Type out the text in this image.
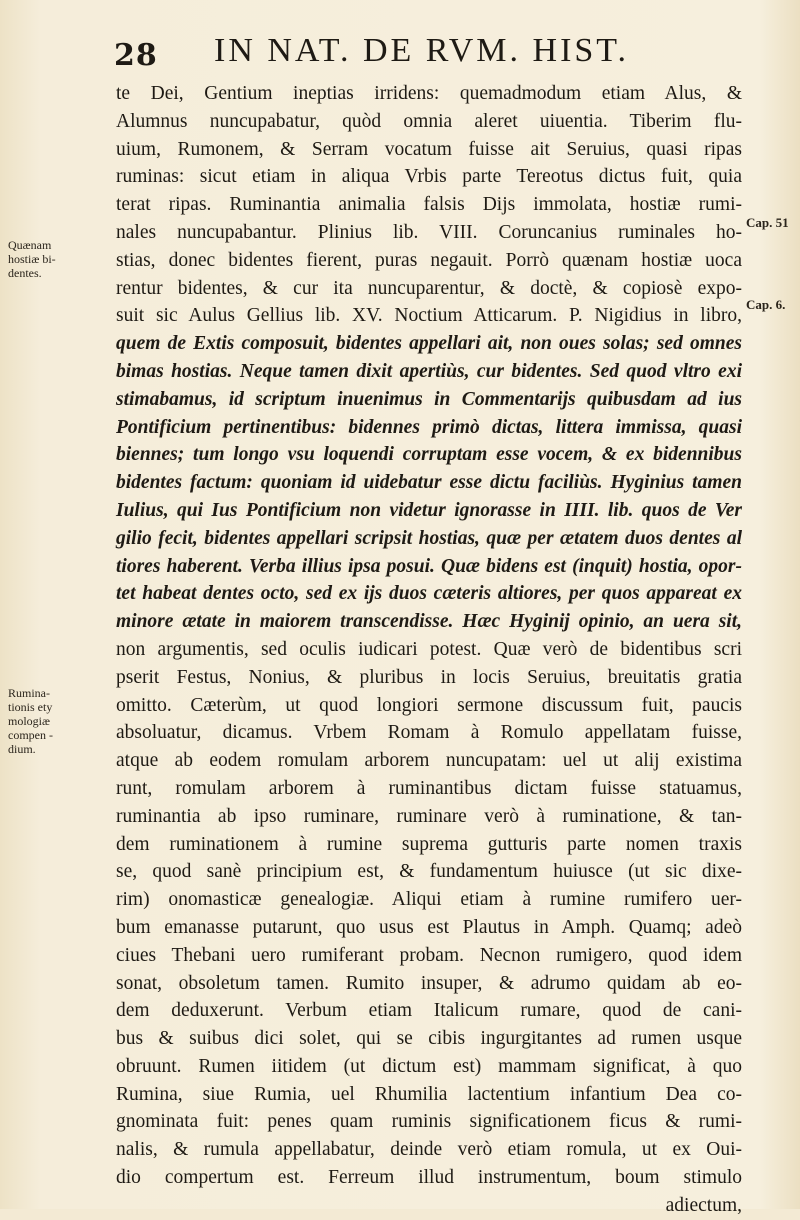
28 IN NAT. DE RVM. HIST.
te Dei, Gentium ineptias irridens: quemadmodum etiam Alus, &
Alumnus nuncupabatur, quòd omnia aleret uiuentia. Tiberim flu-
uium, Rumonem, & Serram vocatum fuisse ait Seruius, quasi ripas
ruminas: sicut etiam in aliqua Vrbis parte Tereotus dictus fuit, quia
terat ripas. Ruminantia animalia falsis Dijs immolata, hostiæ rumi-
nales nuncupabantur. Plinius lib. VIII. Coruncanius ruminales ho-
stias, donec bidentes fierent, puras negauit. Porrò quænam hostiæ uoca
rentur bidentes, & cur ita nuncuparentur, & doctè, & copiosè expo-
suit sic Aulus Gellius lib. XV. Noctium Atticarum. P. Nigidius in libro,
quem de Extis composuit, bidentes appellari ait, non oues solas; sed omnes
bimas hostias. Neque tamen dixit apertiùs, cur bidentes. Sed quod vltro exi
stimabamus, id scriptum inuenimus in Commentarijs quibusdam ad ius
Pontificium pertinentibus: bidennes primò dictas, littera immissa, quasi
biennes; tum longo vsu loquendi corruptam esse vocem, & ex bidennibus
bidentes factum: quoniam id uidebatur esse dictu faciliùs. Hyginius tamen
Iulius, qui Ius Pontificium non videtur ignorasse in IIII. lib. quos de Ver
gilio fecit, bidentes appellari scripsit hostias, quæ per ætatem duos dentes al
tiores haberent. Verba illius ipsa posui. Quæ bidens est (inquit) hostia, opor-
tet habeat dentes octo, sed ex ijs duos cæteris altiores, per quos appareat ex
minore ætate in maiorem transcendisse. Hæc Hyginij opinio, an uera sit,
non argumentis, sed oculis iudicari potest. Quæ verò de bidentibus scri
pserit Festus, Nonius, & pluribus in locis Seruius, breuitatis gratia
omitto. Cæterùm, ut quod longiori sermone discussum fuit, paucis
absoluatur, dicamus. Vrbem Romam à Romulo appellatam fuisse,
atque ab eodem romulam arborem nuncupatam: uel ut alij existima
runt, romulam arborem à ruminantibus dictam fuisse statuamus,
ruminantia ab ipso ruminare, ruminare verò à ruminatione, & tan-
dem ruminationem à rumine suprema gutturis parte nomen traxis
se, quod sanè principium est, & fundamentum huiusce (ut sic dixe-
rim) onomasticæ genealogiæ. Aliqui etiam à rumine rumifero uer-
bum emanasse putarunt, quo usus est Plautus in Amph. Quamq; adeò
ciues Thebani uero rumiferant probam. Necnon rumigero, quod idem
sonat, obsoletum tamen. Rumito insuper, & adrumo quidam ab eo-
dem deduxerunt. Verbum etiam Italicum rumare, quod de cani-
bus & suibus dici solet, qui se cibis ingurgitantes ad rumen usque
obruunt. Rumen iitidem (ut dictum est) mammam significat, à quo
Rumina, siue Rumia, uel Rhumilia lactentium infantium Dea co-
gnominata fuit: penes quam ruminis significationem ficus & rumi-
nalis, & rumula appellabatur, deinde verò etiam romula, ut ex Oui-
dio compertum est. Ferreum illud instrumentum, boum stimulo
adiectum,
Quænam
hostiæ bi-
dentes.
Rumina-
tionis ety
mologiæ
compen -
dium.
Cap. 51
Cap. 6.
